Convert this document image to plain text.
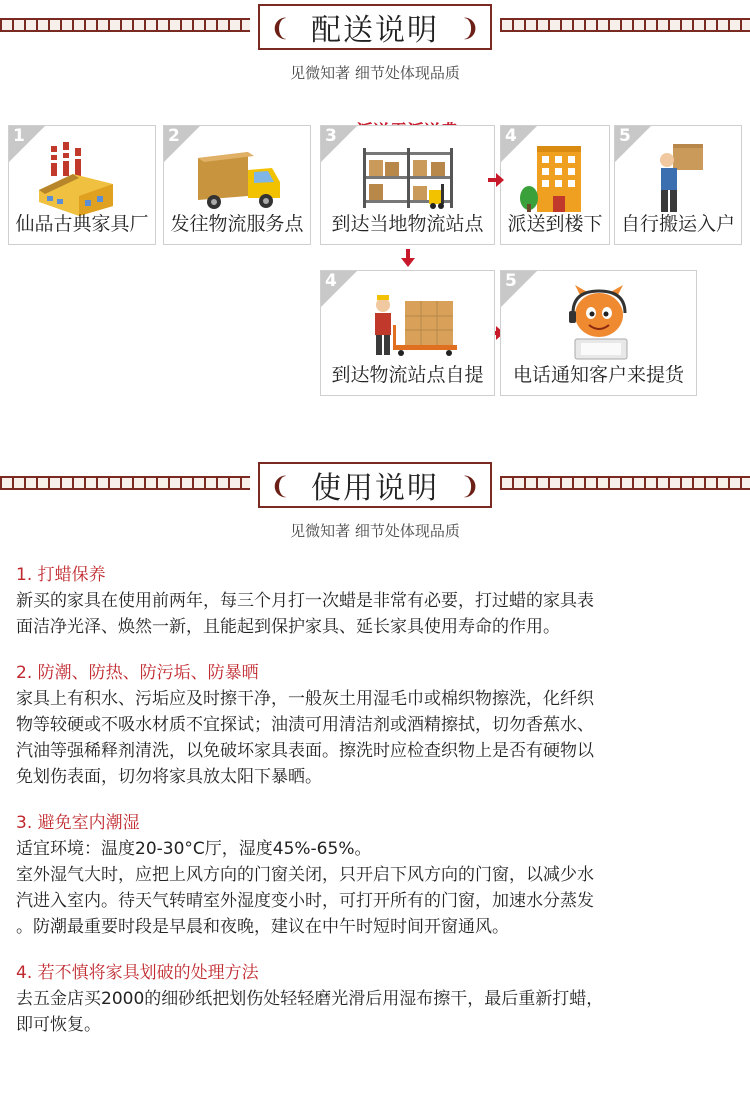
❨ 配送说明 ❩
见微知著 细节处体现品质
1
仙品古典家具厂
2
发往物流服务点
3
到达当地物流站点
4
派送到楼下
5
自行搬运入户
4
到达物流站点自提
5
电话通知客户来提货
❨ 使用说明 ❩
见微知著 细节处体现品质
1. 打蜡保养
新买的家具在使用前两年，每三个月打一次蜡是非常有必要，打过蜡的家具表
面洁净光泽、焕然一新，且能起到保护家具、延长家具使用寿命的作用。
2. 防潮、防热、防污垢、防暴晒
家具上有积水、污垢应及时擦干净，一般灰土用湿毛巾或棉织物擦洗，化纤织
物等较硬或不吸水材质不宜探试；油渍可用清洁剂或酒精擦拭，切勿香蕉水、
汽油等强稀释剂清洗，以免破坏家具表面。擦洗时应检查织物上是否有硬物以
免划伤表面，切勿将家具放太阳下暴晒。
3. 避免室内潮湿
适宜环境：温度20-30°C厅，湿度45%-65%。
室外湿气大时，应把上风方向的门窗关闭，只开启下风方向的门窗，以减少水
汽进入室内。待天气转晴室外湿度变小时，可打开所有的门窗，加速水分蒸发
。防潮最重要时段是早晨和夜晚，建议在中午时短时间开窗通风。
4. 若不慎将家具划破的处理方法
去五金店买2000的细砂纸把划伤处轻轻磨光滑后用湿布擦干，最后重新打蜡，
即可恢复。
